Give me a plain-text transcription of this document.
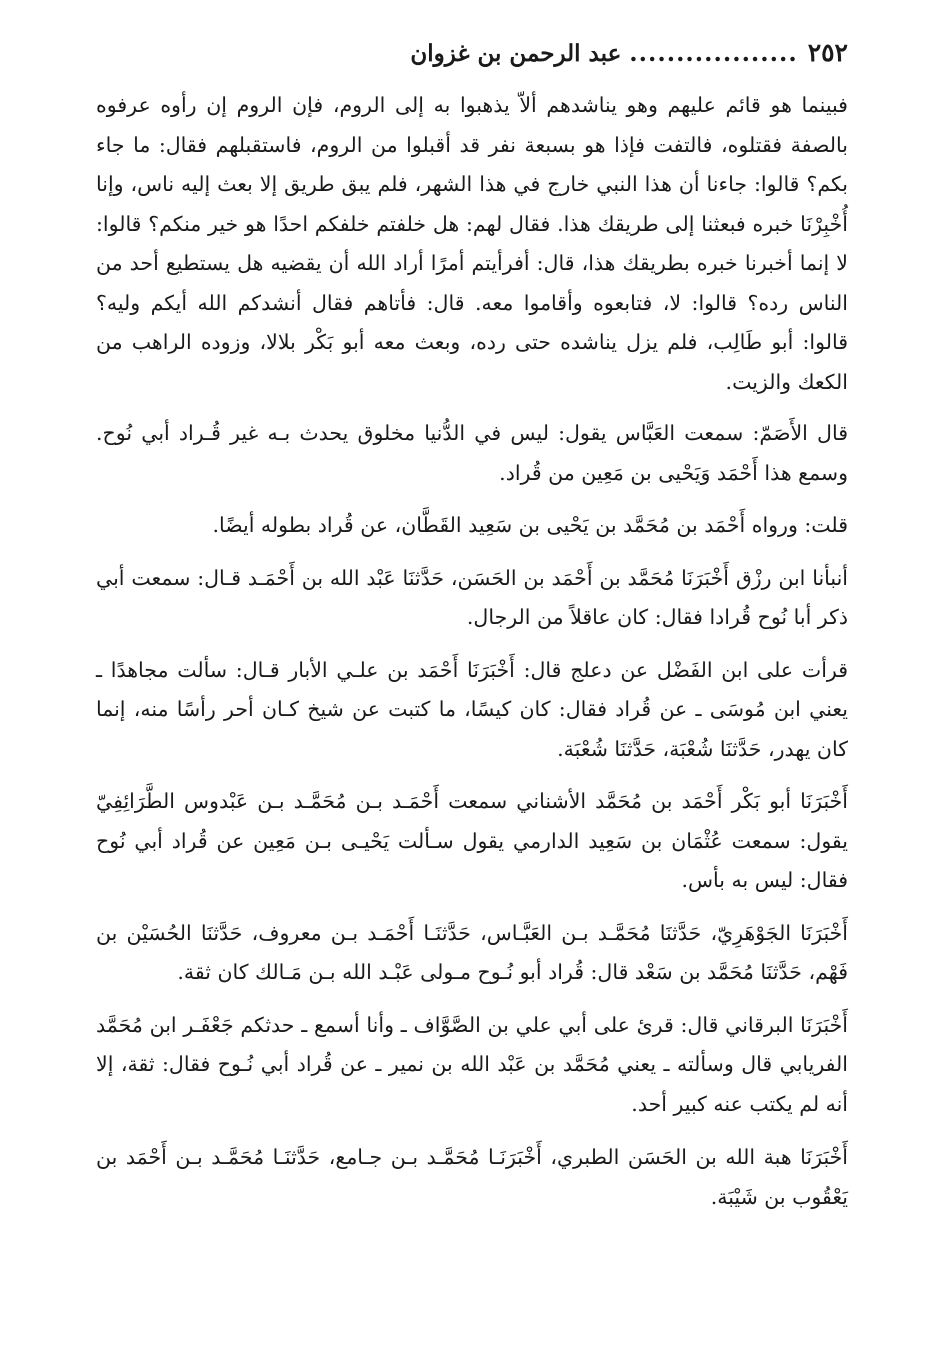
٢٥٢
..................
عبد الرحمن بن غزوان

فبينما هو قائم عليهم وهو يناشدهم ألاّ يذهبوا به إلى الروم، فإن الروم إن رأوه عرفوه بالصفة فقتلوه، فالتفت فإذا هو بسبعة نفر قد أقبلوا من الروم، فاستقبلهم فقال: ما جاء بكم؟ قالوا: جاءنا أن هذا النبي خارج في هذا الشهر، فلم يبق طريق إلا بعث إليه ناس، وإنا أُخْبِرْنَا خبره فبعثنا إلى طريقك هذا. فقال لهم: هل خلفتم خلفكم احدًا هو خير منكم؟ قالوا: لا إنما أخبرنا خبره بطريقك هذا، قال: أفرأيتم أمرًا أراد الله أن يقضيه هل يستطيع أحد من الناس رده؟ قالوا: لا، فتابعوه وأقاموا معه. قال: فأتاهم فقال أنشدكم الله أيكم وليه؟ قالوا: أبو طَالِب، فلم يزل يناشده حتى رده، وبعث معه أبو بَكْر بلالا، وزوده الراهب من الكعك والزيت.

قال الأَصَمّ: سمعت العَبَّاس يقول: ليس في الدُّنيا مخلوق يحدث بـه غير قُـراد أبي نُوح. وسمع هذا أَحْمَد وَيَحْيى بن مَعِين من قُراد.

قلت: ورواه أَحْمَد بن مُحَمَّد بن يَحْيى بن سَعِيد القَطَّان، عن قُراد بطوله أيضًا.

أنبأنا ابن رزْق أَخْبَرَنَا مُحَمَّد بن أَحْمَد بن الحَسَن، حَدَّثنَا عَبْد الله بن أَحْمَـد قـال: سمعت أبي ذكر أبا نُوح قُرادا فقال: كان عاقلاً من الرجال.

قرأت على ابن الفَضْل عن دعلج قال: أَخْبَرَنَا أَحْمَد بن علـي الأبار قـال: سألت مجاهدًا ـ يعني ابن مُوسَى ـ عن قُراد فقال: كان كيسًا، ما كتبت عن شيخ كـان أحر رأسًا منه، إنما كان يهدر، حَدَّثنَا شُعْبَة، حَدَّثنَا شُعْبَة.

أَخْبَرَنَا أبو بَكْر أَحْمَد بن مُحَمَّد الأشناني سمعت أَحْمَـد بـن مُحَمَّـد بـن عَبْدوس الطَّرَائِفِيّ يقول: سمعت عُثْمَان بن سَعِيد الدارمي يقول سـألت يَحْيـى بـن مَعِين عن قُراد أبي نُوح فقال: ليس به بأس.

أَخْبَرَنَا الجَوْهَرِيّ، حَدَّثنَا مُحَمَّـد بـن العَبَّـاس، حَدَّثنَـا أَحْمَـد بـن معروف، حَدَّثنَا الحُسَيْن بن فَهْم، حَدَّثنَا مُحَمَّد بن سَعْد قال: قُراد أبو نُـوح مـولى عَبْـد الله بـن مَـالك كان ثقة.

أَخْبَرَنَا البرقاني قال: قرئ على أبي علي بن الصَّوَّاف ـ وأنا أسمع ـ حدثكم جَعْفَـر ابن مُحَمَّد الفريابي قال وسألته ـ يعني مُحَمَّد بن عَبْد الله بن نمير ـ عن قُراد أبي نُـوح فقال: ثقة، إلا أنه لم يكتب عنه كبير أحد.

أَخْبَرَنَا هبة الله بن الحَسَن الطبري، أَخْبَرَنَـا مُحَمَّـد بـن جـامع، حَدَّثنَـا مُحَمَّـد بـن أَحْمَد بن يَعْقُوب بن شَيْبَة.
